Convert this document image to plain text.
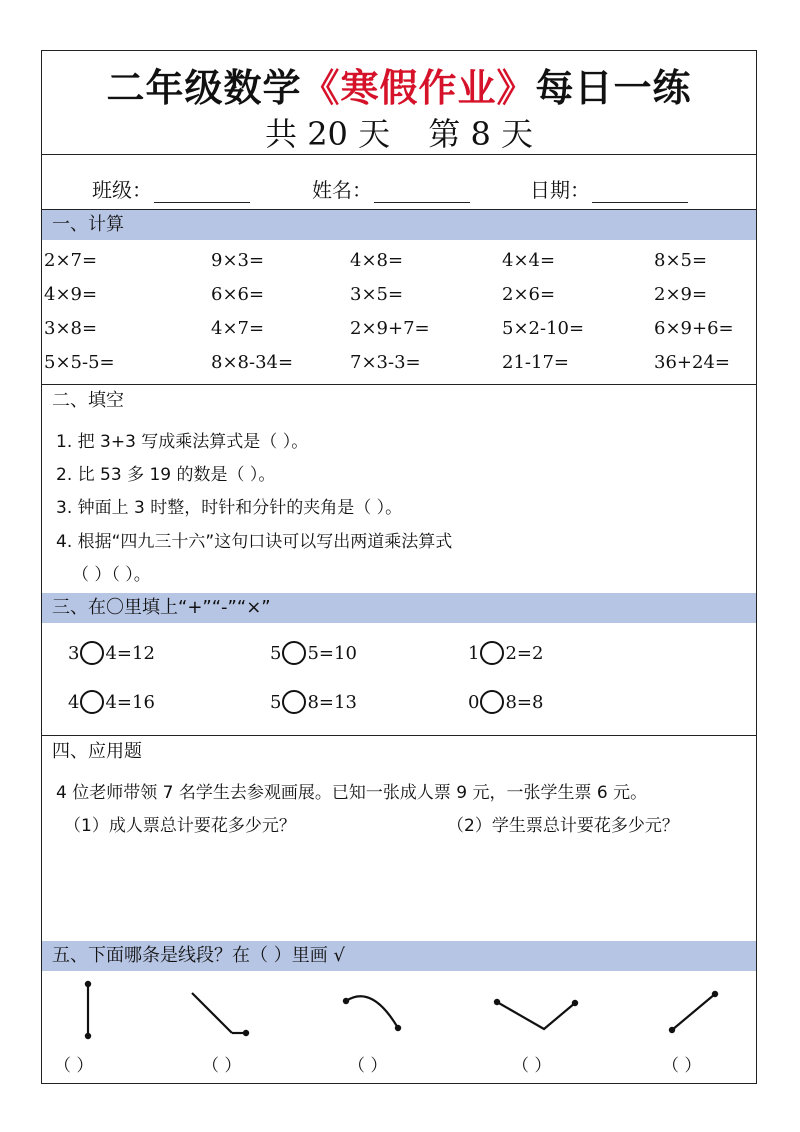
二年级数学《寒假作业》每日一练
共 20 天 第 8 天
班级：	姓名：	日期：
一、计算
2×7=	9×3=	4×8=	4×4=	8×5=
4×9=	6×6=	3×5=	2×6=	2×9=
3×8=	4×7=	2×9+7=	5×2-10=	6×9+6=
5×5-5=	8×8-34=	7×3-3=	21-17=	36+24=
二、填空
1. 把 3+3 写成乘法算式是（ ）。
2. 比 53 多 19 的数是（ ）。
3. 钟面上 3 时整，时针和分针的夹角是（ ）。
4. 根据“四九三十六”这句口诀可以写出两道乘法算式
（ ）（ ）。
三、在〇里填上“+”“-”“×”
3 4=12	5 5=10	1 2=2
4 4=16	5 8=13	0 8=8
四、应用题
4 位老师带领 7 名学生去参观画展。已知一张成人票 9 元，一张学生票 6 元。
（1）成人票总计要花多少元？	（2）学生票总计要花多少元？
五、下面哪条是线段？在（ ）里画 √
（ ）	（ ）	（ ）	（ ）	（ ）
